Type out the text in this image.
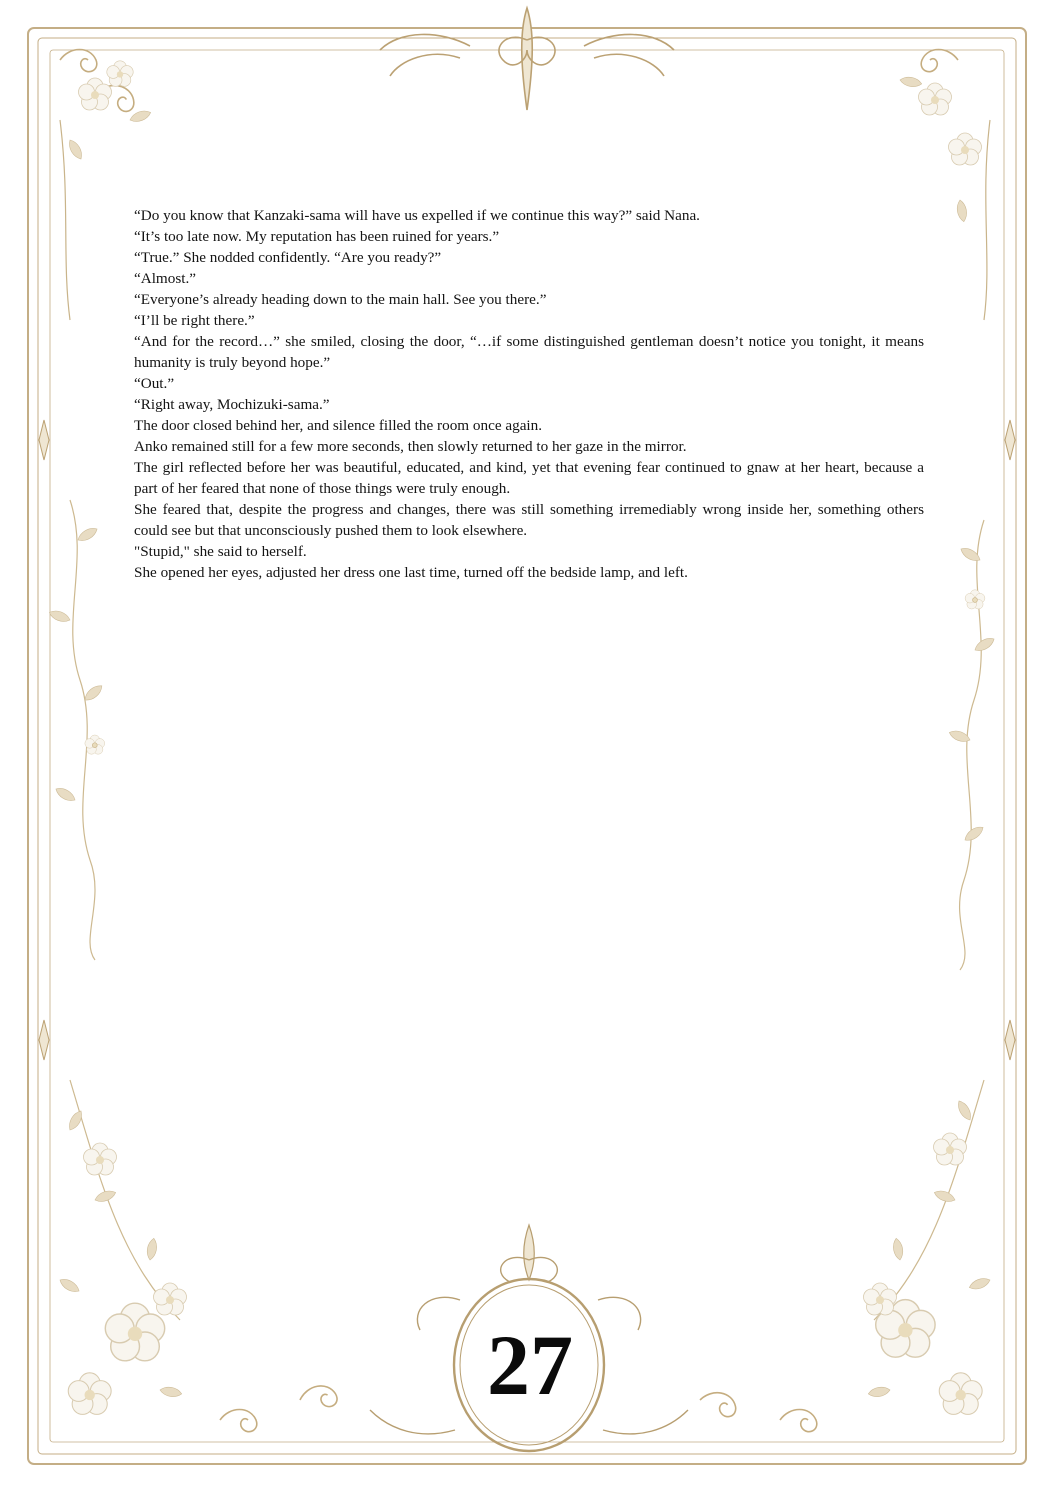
“Do you know that Kanzaki-sama will have us expelled if we continue this way?” said Nana.

“It’s too late now. My reputation has been ruined for years.”

“True.” She nodded confidently. “Are you ready?”

“Almost.”

“Everyone’s already heading down to the main hall. See you there.”

“I’ll be right there.”

“And for the record…” she smiled, closing the door, “…if some distinguished gentleman doesn’t notice you tonight, it means humanity is truly beyond hope.”

“Out.”

“Right away, Mochizuki-sama.”

The door closed behind her, and silence filled the room once again.

Anko remained still for a few more seconds, then slowly returned to her gaze in the mirror.

The girl reflected before her was beautiful, educated, and kind, yet that evening fear continued to gnaw at her heart, because a part of her feared that none of those things were truly enough.

She feared that, despite the progress and changes, there was still something irremediably wrong inside her, something others could see but that unconsciously pushed them to look elsewhere.

"Stupid," she said to herself.

She opened her eyes, adjusted her dress one last time, turned off the bedside lamp, and left.

27
